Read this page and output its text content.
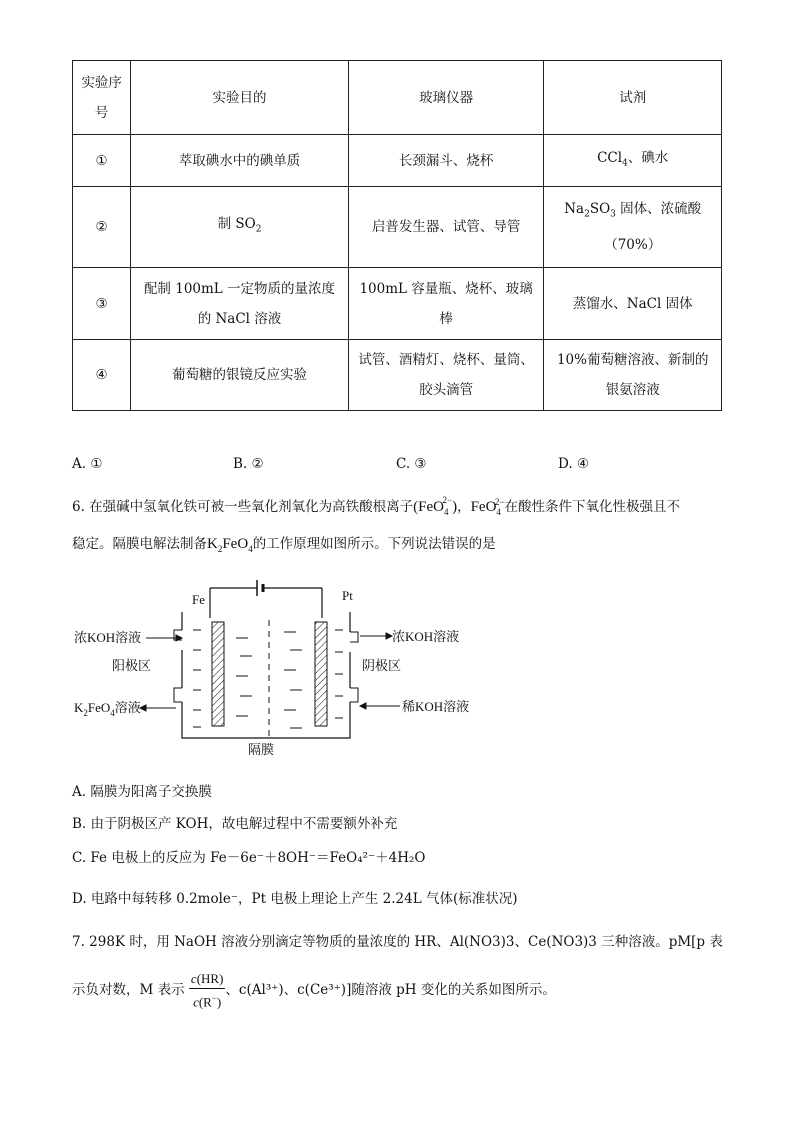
实验序号	实验目的	玻璃仪器	试剂
①	萃取碘水中的碘单质	长颈漏斗、烧杯	CCl$_4$、碘水
②	制 $SO_2$	启普发生器、试管、导管	$Na_2SO_3$ 固体、浓硫酸（70%）
③	配制 100mL 一定物质的量浓度的 NaCl 溶液	100mL 容量瓶、烧杯、玻璃棒	蒸馏水、NaCl 固体
④	葡萄糖的银镜反应实验	试管、酒精灯、烧杯、量筒、胶头滴管	10%葡萄糖溶液、新制的银氨溶液
A. ①	B. ②	C. ③	D. ④
6. 在强碱中氢氧化铁可被一些氧化剂氧化为高铁酸根离子(FeO$_4^{2-}$)，FeO$_4^{2-}$在酸性条件下氧化性极强且不
稳定。隔膜电解法制备$K_2FeO_4$的工作原理如图所示。下列说法错误的是
Fe	Pt
浓KOH溶液
阳极区
$K_2FeO_4$溶液
浓KOH溶液
阴极区
稀KOH溶液
隔膜
A. 隔膜为阳离子交换膜
B. 由于阴极区产 KOH，故电解过程中不需要额外补充
C. Fe 电极上的反应为 Fe－6e⁻＋8OH⁻＝FeO₄²⁻＋4H₂O
D. 电路中每转移 0.2mole⁻，Pt 电极上理论上产生 2.24L 气体(标准状况)
7. 298K 时，用 NaOH 溶液分别滴定等物质的量浓度的 HR、Al(NO3)3、Ce(NO3)3 三种溶液。pM[p 表
示负对数，M 表示 $\frac{c(HR)}{c(R^-)}$ 、c(Al³⁺)、c(Ce³⁺)]随溶液 pH 变化的关系如图所示。
